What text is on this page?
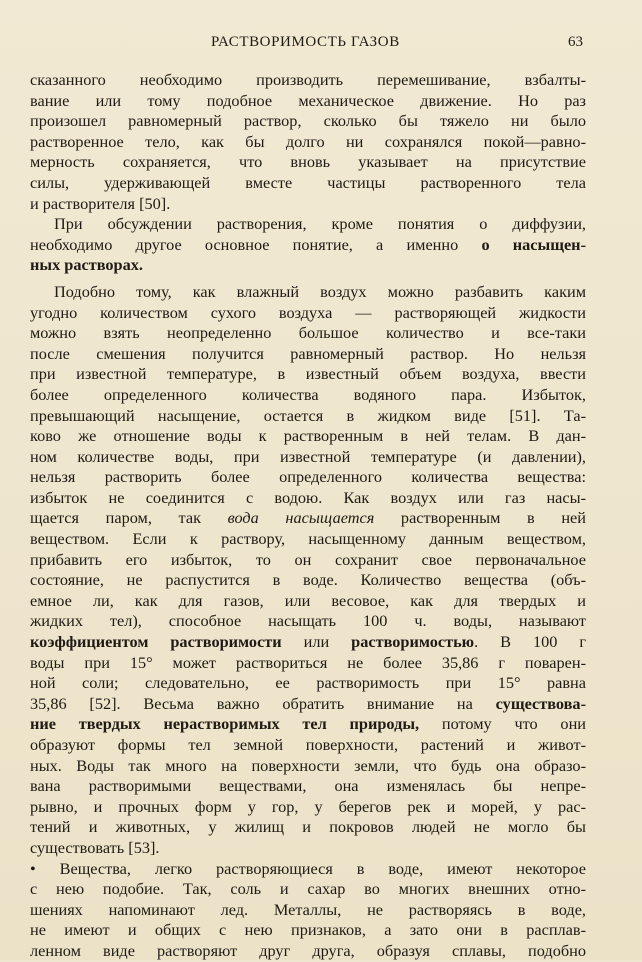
РАСТВОРИМОСТЬ ГАЗОВ	63
сказанного необходимо производить перемешивание, взбалты-
вание или тому подобное механическое движение. Но раз
произошел равномерный раствор, сколько бы тяжело ни было
растворенное тело, как бы долго ни сохранялся покой—равно-
мерность сохраняется, что вновь указывает на присутствие
силы, удерживающей вместе частицы растворенного тела
и растворителя [50].
При обсуждении растворения, кроме понятия о диффузии,
необходимо другое основное понятие, а именно о насыщен-
ных растворах.
Подобно тому, как влажный воздух можно разбавить каким
угодно количеством сухого воздуха — растворяющей жидкости
можно взять неопределенно большое количество и все-таки
после смешения получится равномерный раствор. Но нельзя
при известной температуре, в известный объем воздуха, ввести
более определенного количества водяного пара. Избыток,
превышающий насыщение, остается в жидком виде [51]. Та-
ково же отношение воды к растворенным в ней телам. В дан-
ном количестве воды, при известной температуре (и давлении),
нельзя растворить более определенного количества вещества:
избыток не соединится с водою. Как воздух или газ насы-
щается паром, так вода насыщается растворенным в ней
веществом. Если к раствору, насыщенному данным веществом,
прибавить его избыток, то он сохранит свое первоначальное
состояние, не распустится в воде. Количество вещества (объ-
емное ли, как для газов, или весовое, как для твердых и
жидких тел), способное насыщать 100 ч. воды, называют
коэффициентом растворимости или растворимостью. В 100 г
воды при 15° может раствориться не более 35,86 г поварен-
ной соли; следовательно, ее растворимость при 15° равна
35,86 [52]. Весьма важно обратить внимание на существова-
ние твердых нерастворимых тел природы, потому что они
образуют формы тел земной поверхности, растений и живот-
ных. Воды так много на поверхности земли, что будь она образо-
вана растворимыми веществами, она изменялась бы непре-
рывно, и прочных форм у гор, у берегов рек и морей, у рас-
тений и животных, у жилищ и покровов людей не могло бы
существовать [53].
• Вещества, легко растворяющиеся в воде, имеют некоторое
с нею подобие. Так, соль и сахар во многих внешних отно-
шениях напоминают лед. Металлы, не растворяясь в воде,
не имеют и общих с нею признаков, а зато они в расплав-
ленном виде растворяют друг друга, образуя сплавы, подобно
